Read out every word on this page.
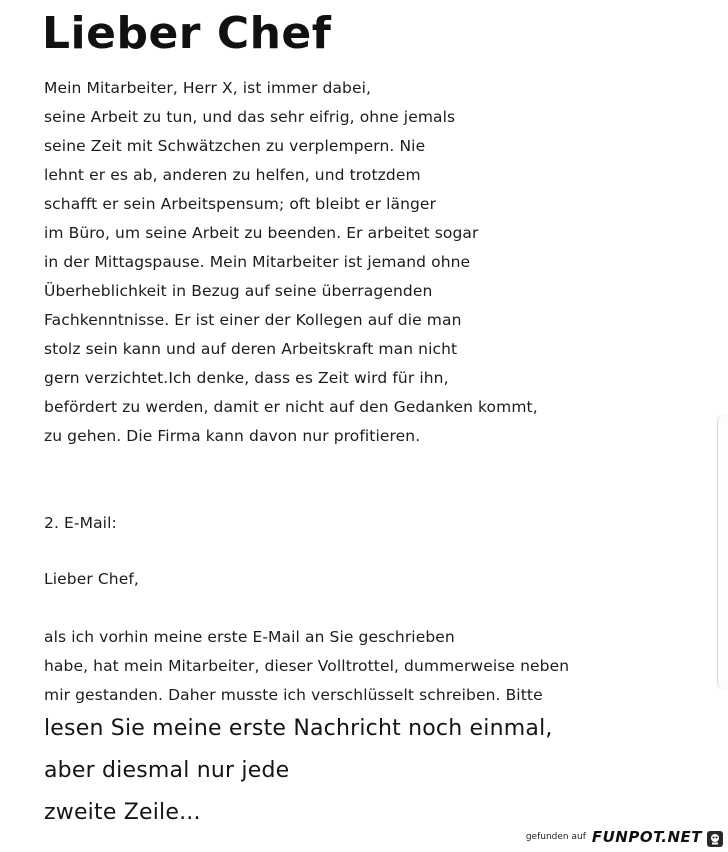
Lieber Chef
Mein Mitarbeiter, Herr X, ist immer dabei,
seine Arbeit zu tun, und das sehr eifrig, ohne jemals
seine Zeit mit Schwätzchen zu verplempern. Nie
lehnt er es ab, anderen zu helfen, und trotzdem
schafft er sein Arbeitspensum; oft bleibt er länger
im Büro, um seine Arbeit zu beenden. Er arbeitet sogar
in der Mittagspause. Mein Mitarbeiter ist jemand ohne
Überheblichkeit in Bezug auf seine überragenden
Fachkenntnisse. Er ist einer der Kollegen auf die man
stolz sein kann und auf deren Arbeitskraft man nicht
gern verzichtet.Ich denke, dass es Zeit wird für ihn,
befördert zu werden, damit er nicht auf den Gedanken kommt,
zu gehen. Die Firma kann davon nur profitieren.
2. E-Mail:
Lieber Chef,
als ich vorhin meine erste E-Mail an Sie geschrieben
habe, hat mein Mitarbeiter, dieser Volltrottel, dummerweise neben
mir gestanden. Daher musste ich verschlüsselt schreiben. Bitte
lesen Sie meine erste Nachricht noch einmal,
aber diesmal nur jede
zweite Zeile...
gefunden auf FUNPOT.NET
